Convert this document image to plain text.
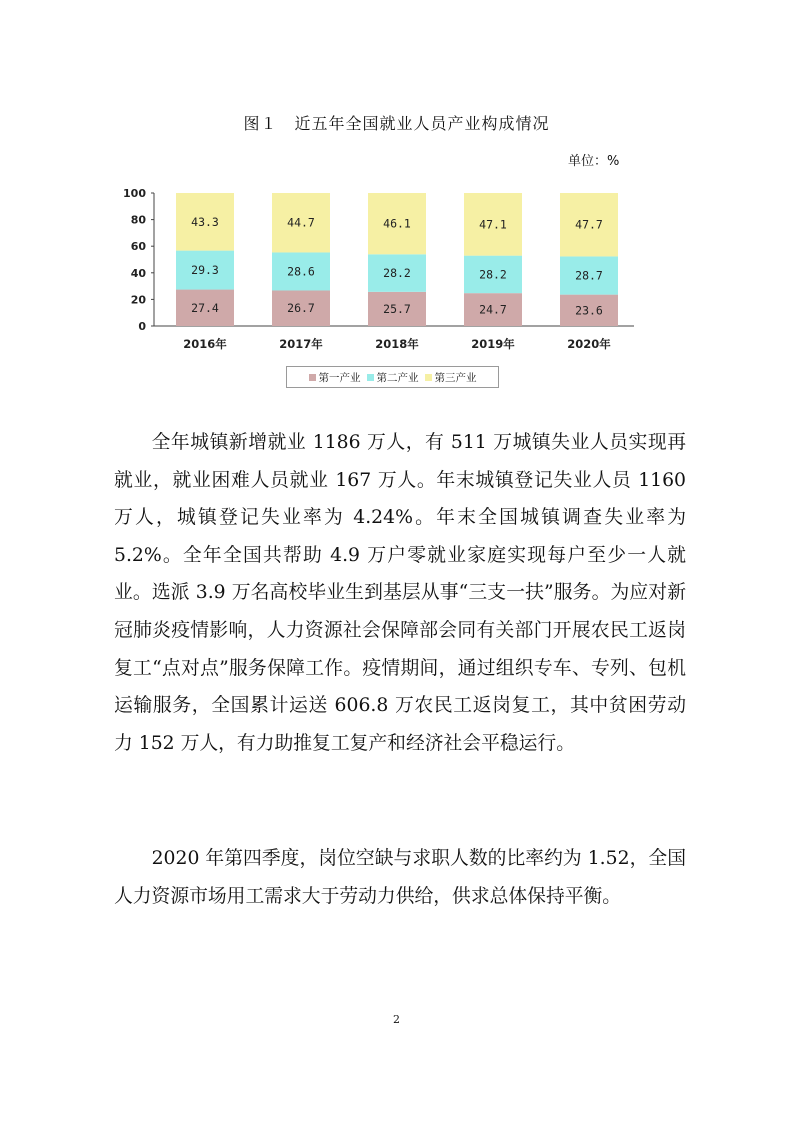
图１　近五年全国就业人员产业构成情况
单位：%
0
20
40
60
80
100
27.4
29.3
43.3
2016年
26.7
28.6
44.7
2017年
25.7
28.2
46.1
2018年
24.7
28.2
47.1
2019年
23.6
28.7
47.7
2020年
第一产业 第二产业 第三产业

全年城镇新增就业 1186 万人，有 511 万城镇失业人员实现再就业，就业困难人员就业 167 万人。年末城镇登记失业人员 1160 万人，城镇登记失业率为 4.24%。年末全国城镇调查失业率为 5.2%。全年全国共帮助 4.9 万户零就业家庭实现每户至少一人就业。选派 3.9 万名高校毕业生到基层从事“三支一扶”服务。为应对新冠肺炎疫情影响，人力资源社会保障部会同有关部门开展农民工返岗复工“点对点”服务保障工作。疫情期间，通过组织专车、专列、包机运输服务，全国累计运送 606.8 万农民工返岗复工，其中贫困劳动力 152 万人，有力助推复工复产和经济社会平稳运行。

2020 年第四季度，岗位空缺与求职人数的比率约为 1.52，全国人力资源市场用工需求大于劳动力供给，供求总体保持平衡。

2
